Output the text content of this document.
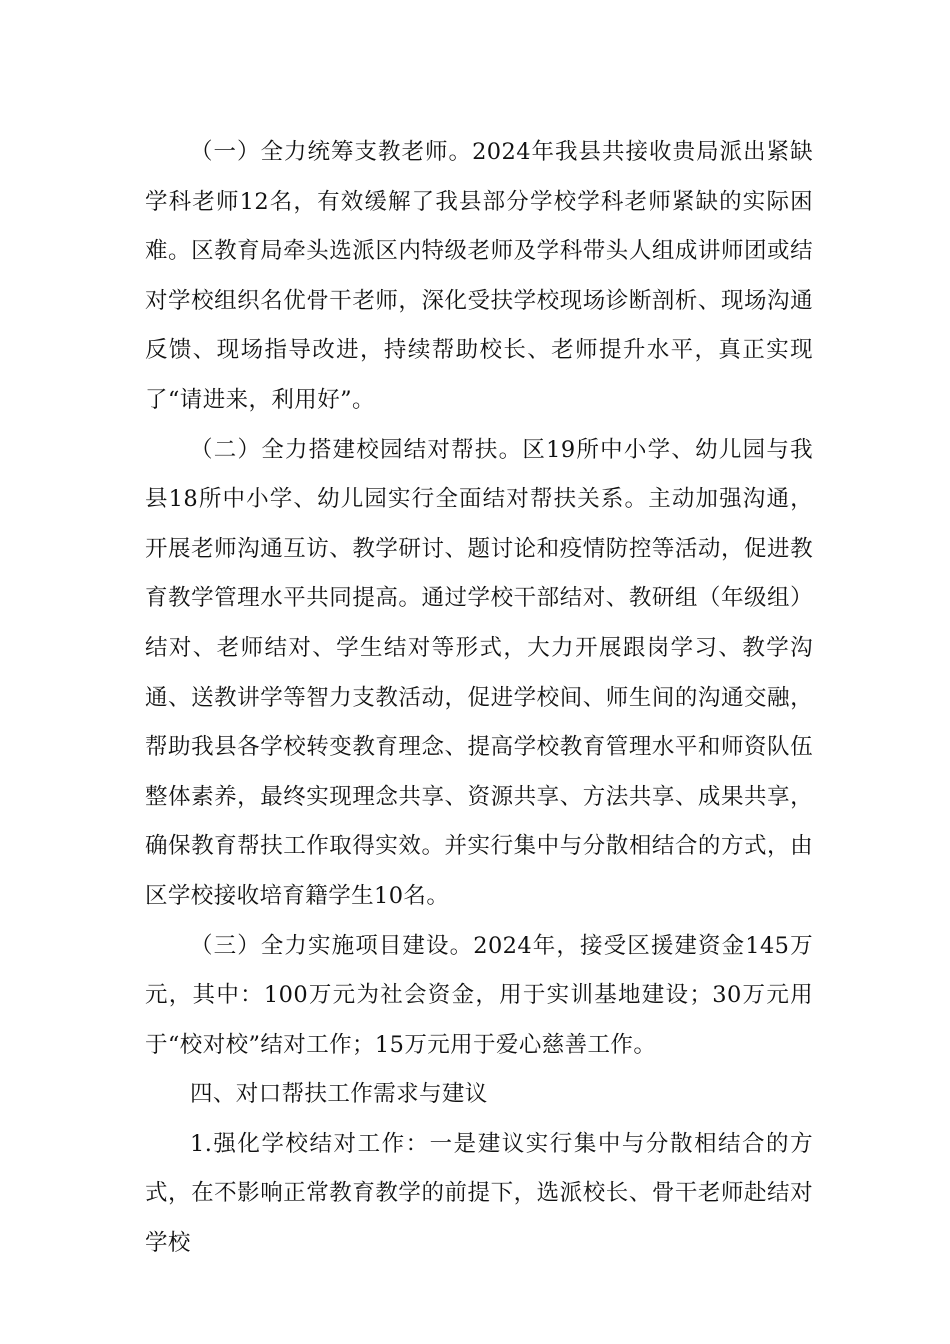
（一）全力统筹支教老师。2024年我县共接收贵局派出紧缺学科老师12名，有效缓解了我县部分学校学科老师紧缺的实际困难。区教育局牵头选派区内特级老师及学科带头人组成讲师团或结对学校组织名优骨干老师，深化受扶学校现场诊断剖析、现场沟通反馈、现场指导改进，持续帮助校长、老师提升水平，真正实现了“请进来，利用好”。

（二）全力搭建校园结对帮扶。区19所中小学、幼儿园与我县18所中小学、幼儿园实行全面结对帮扶关系。主动加强沟通，开展老师沟通互访、教学研讨、题讨论和疫情防控等活动，促进教育教学管理水平共同提高。通过学校干部结对、教研组（年级组）结对、老师结对、学生结对等形式，大力开展跟岗学习、教学沟通、送教讲学等智力支教活动，促进学校间、师生间的沟通交融，帮助我县各学校转变教育理念、提高学校教育管理水平和师资队伍整体素养，最终实现理念共享、资源共享、方法共享、成果共享，确保教育帮扶工作取得实效。并实行集中与分散相结合的方式，由区学校接收培育籍学生10名。

（三）全力实施项目建设。2024年，接受区援建资金145万元，其中：100万元为社会资金，用于实训基地建设；30万元用于“校对校”结对工作；15万元用于爱心慈善工作。

四、对口帮扶工作需求与建议

1.强化学校结对工作：一是建议实行集中与分散相结合的方式，在不影响正常教育教学的前提下，选派校长、骨干老师赴结对学校
